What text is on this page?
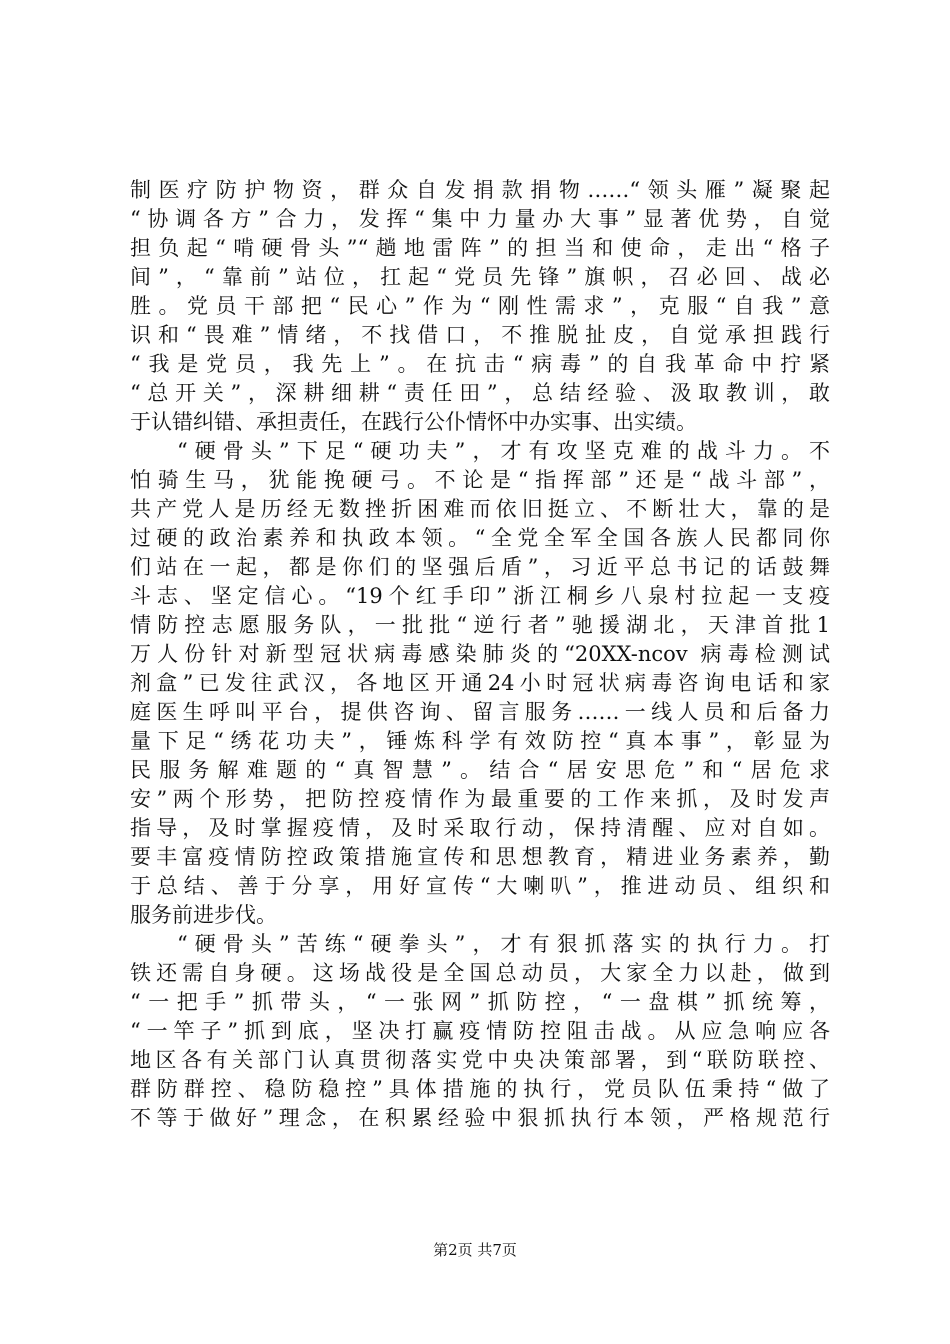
制医疗防护物资，群众自发捐款捐物……“领头雁”凝聚起
“协调各方”合力，发挥“集中力量办大事”显著优势，自觉
担负起“啃硬骨头”“趟地雷阵”的担当和使命，走出“格子
间”，“靠前”站位，扛起“党员先锋”旗帜，召必回、战必
胜。党员干部把“民心”作为“刚性需求”，克服“自我”意
识和“畏难”情绪，不找借口，不推脱扯皮，自觉承担践行
“我是党员，我先上”。在抗击“病毒”的自我革命中拧紧
“总开关”，深耕细耕“责任田”，总结经验、汲取教训，敢
于认错纠错、承担责任，在践行公仆情怀中办实事、出实绩。
“硬骨头”下足“硬功夫”，才有攻坚克难的战斗力。不
怕骑生马，犹能挽硬弓。不论是“指挥部”还是“战斗部”，
共产党人是历经无数挫折困难而依旧挺立、不断壮大，靠的是
过硬的政治素养和执政本领。“全党全军全国各族人民都同你
们站在一起，都是你们的坚强后盾”，习近平总书记的话鼓舞
斗志、坚定信心。“19个红手印”浙江桐乡八泉村拉起一支疫
情防控志愿服务队，一批批“逆行者”驰援湖北，天津首批1
万人份针对新型冠状病毒感染肺炎的“20XX-ncov 病毒检测试
剂盒”已发往武汉，各地区开通24小时冠状病毒咨询电话和家
庭医生呼叫平台，提供咨询、留言服务……一线人员和后备力
量下足“绣花功夫”，锤炼科学有效防控“真本事”，彰显为
民服务解难题的“真智慧”。结合“居安思危”和“居危求
安”两个形势，把防控疫情作为最重要的工作来抓，及时发声
指导，及时掌握疫情，及时采取行动，保持清醒、应对自如。
要丰富疫情防控政策措施宣传和思想教育，精进业务素养，勤
于总结、善于分享，用好宣传“大喇叭”，推进动员、组织和
服务前进步伐。
“硬骨头”苦练“硬拳头”，才有狠抓落实的执行力。打
铁还需自身硬。这场战役是全国总动员，大家全力以赴，做到
“一把手”抓带头，“一张网”抓防控，“一盘棋”抓统筹，
“一竿子”抓到底，坚决打赢疫情防控阻击战。从应急响应各
地区各有关部门认真贯彻落实党中央决策部署，到“联防联控、
群防群控、稳防稳控”具体措施的执行，党员队伍秉持“做了
不等于做好”理念，在积累经验中狠抓执行本领，严格规范行
第2页 共7页
